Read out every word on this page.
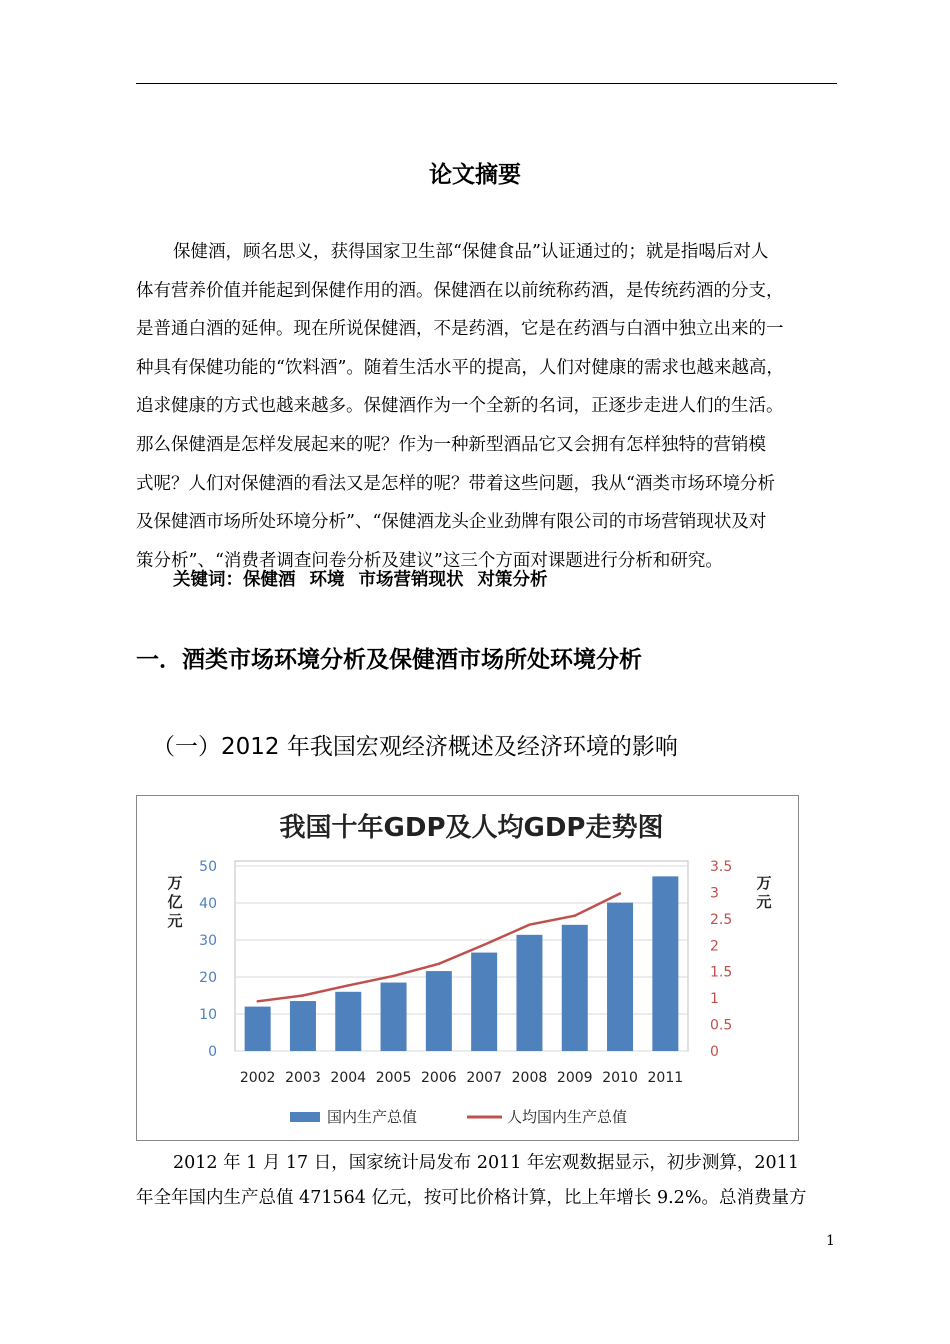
论文摘要
保健酒，顾名思义，获得国家卫生部“保健食品”认证通过的；就是指喝后对人
体有营养价值并能起到保健作用的酒。保健酒在以前统称药酒，是传统药酒的分支，
是普通白酒的延伸。现在所说保健酒，不是药酒，它是在药酒与白酒中独立出来的一
种具有保健功能的“饮料酒”。随着生活水平的提高，人们对健康的需求也越来越高，
追求健康的方式也越来越多。保健酒作为一个全新的名词，正逐步走进人们的生活。
那么保健酒是怎样发展起来的呢？作为一种新型酒品它又会拥有怎样独特的营销模
式呢？人们对保健酒的看法又是怎样的呢？带着这些问题，我从“酒类市场环境分析
及保健酒市场所处环境分析”、“保健酒龙头企业劲牌有限公司的市场营销现状及对
策分析”、“消费者调查问卷分析及建议”这三个方面对课题进行分析和研究。
关键词：保健酒 环境 市场营销现状 对策分析
一．酒类市场环境分析及保健酒市场所处环境分析
（一）2012 年我国宏观经济概述及经济环境的影响
我国十年GDP及人均GDP走势图
0
10
20
30
40
50
0
0.5
1
1.5
2
2.5
3
3.5
万亿元
万元
2002 2003 2004 2005 2006 2007 2008 2009 2010 2011
国内生产总值	人均国内生产总值
2012 年 1 月 17 日，国家统计局发布 2011 年宏观数据显示，初步测算，2011
年全年国内生产总值 471564 亿元，按可比价格计算，比上年增长 9.2%。总消费量方
1
